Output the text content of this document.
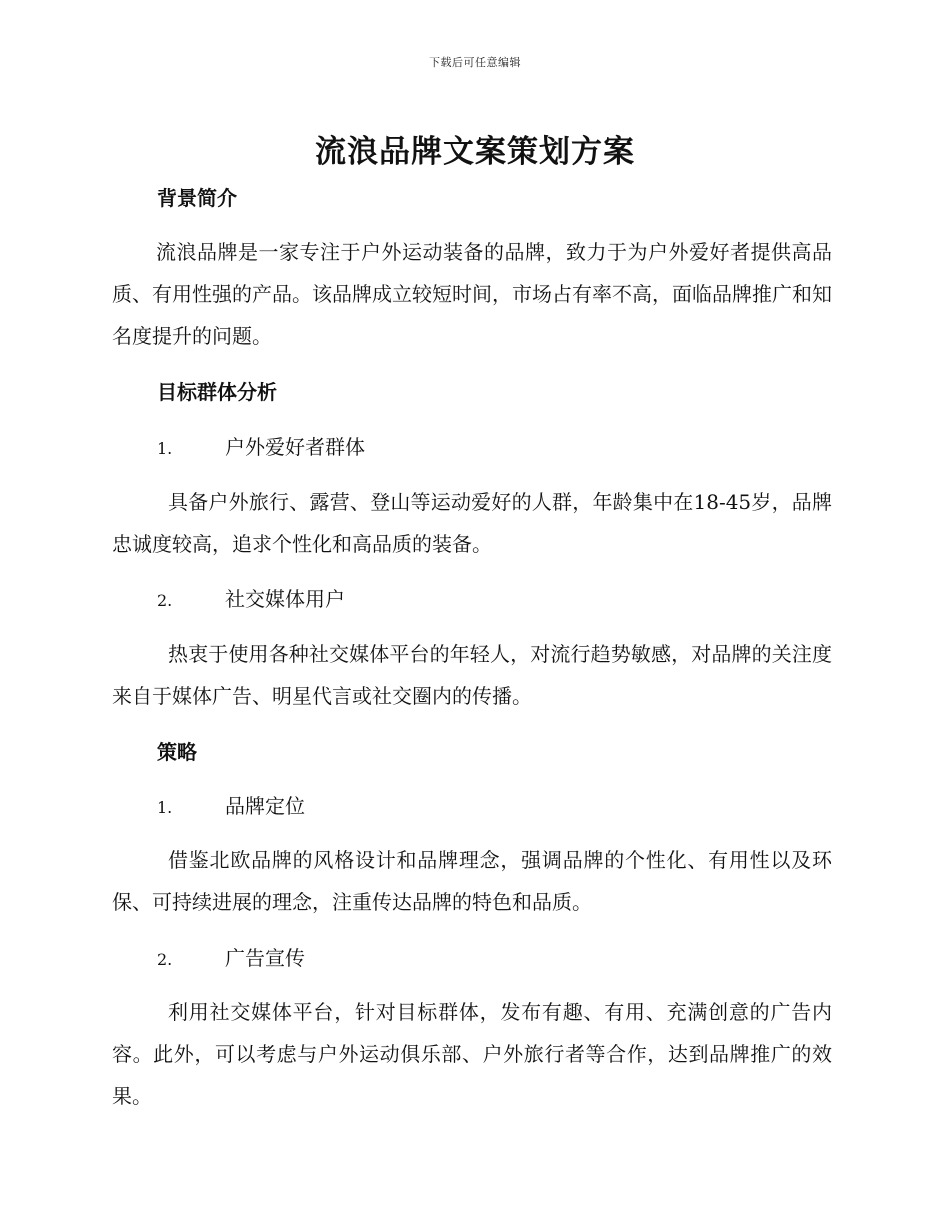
下载后可任意编辑
流浪品牌文案策划方案
背景简介

流浪品牌是一家专注于户外运动装备的品牌，致力于为户外爱好者提供高品质、有用性强的产品。该品牌成立较短时间，市场占有率不高，面临品牌推广和知名度提升的问题。

目标群体分析
1.	户外爱好者群体

具备户外旅行、露营、登山等运动爱好的人群，年龄集中在18-45岁，品牌忠诚度较高，追求个性化和高品质的装备。

2.	社交媒体用户

热衷于使用各种社交媒体平台的年轻人，对流行趋势敏感，对品牌的关注度来自于媒体广告、明星代言或社交圈内的传播。

策略
1.	品牌定位

借鉴北欧品牌的风格设计和品牌理念，强调品牌的个性化、有用性以及环保、可持续进展的理念，注重传达品牌的特色和品质。

2.	广告宣传

利用社交媒体平台，针对目标群体，发布有趣、有用、充满创意的广告内容。此外，可以考虑与户外运动俱乐部、户外旅行者等合作，达到品牌推广的效果。
